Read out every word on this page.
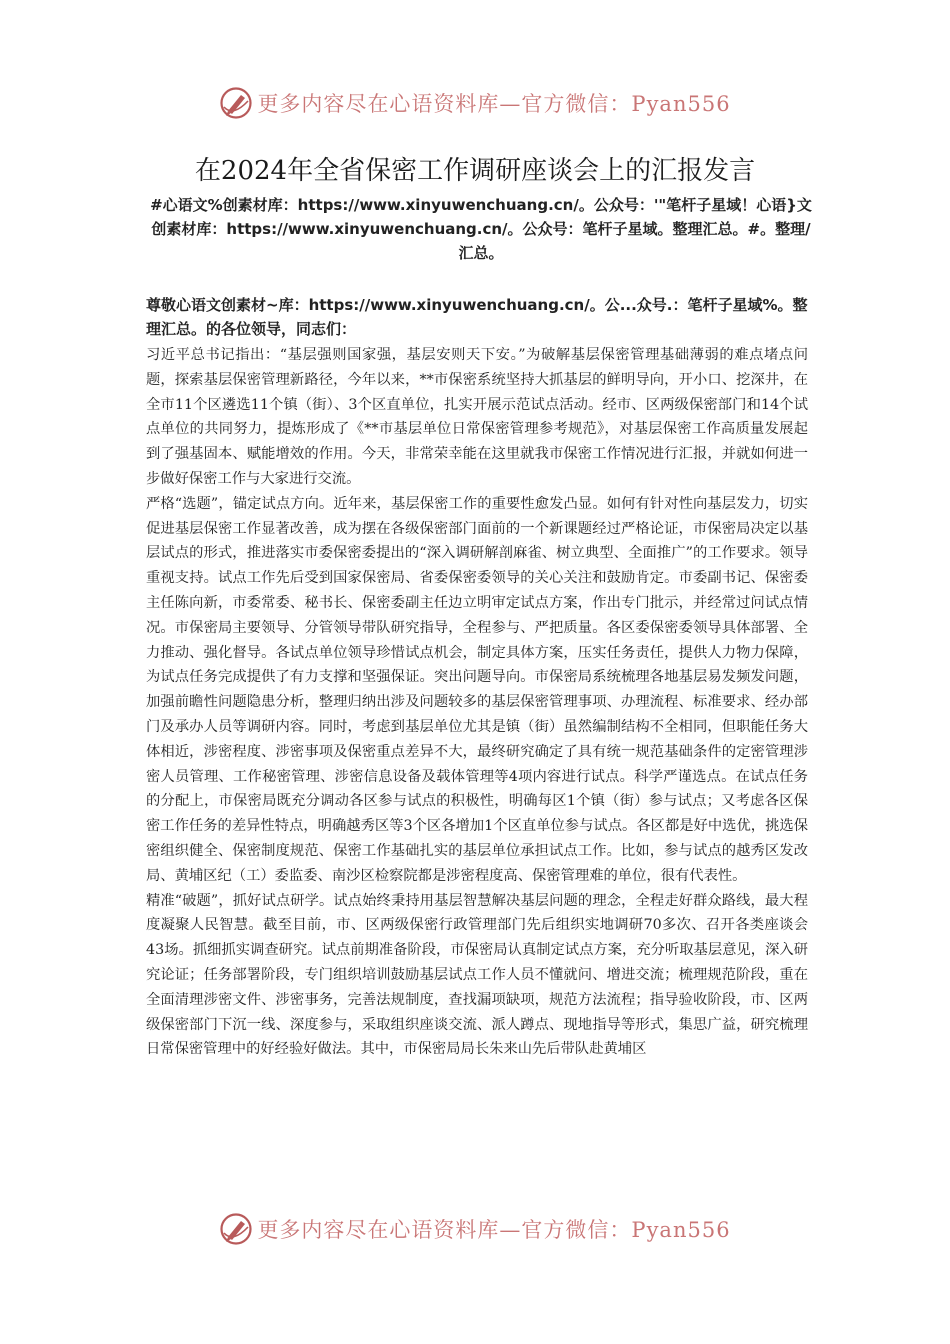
更多内容尽在心语资料库—官方微信：Pyan556
在2024年全省保密工作调研座谈会上的汇报发言

#心语文%创素材库：https://www.xinyuwenchuang.cn/。公众号：'"笔杆子星域！心语}文创素材库：https://www.xinyuwenchuang.cn/。公众号：笔杆子星域。整理汇总。#。整理/汇总。

尊敬心语文创素材~库：https://www.xinyuwenchuang.cn/。公...众号.：笔杆子星域%。整理汇总。的各位领导，同志们：

习近平总书记指出：“基层强则国家强，基层安则天下安。”为破解基层保密管理基础薄弱的难点堵点问题，探索基层保密管理新路径，今年以来，**市保密系统坚持大抓基层的鲜明导向，开小口、挖深井，在全市11个区遴选11个镇（街）、3个区直单位，扎实开展示范试点活动。经市、区两级保密部门和14个试点单位的共同努力，提炼形成了《**市基层单位日常保密管理参考规范》，对基层保密工作高质量发展起到了强基固本、赋能增效的作用。今天，非常荣幸能在这里就我市保密工作情况进行汇报，并就如何进一步做好保密工作与大家进行交流。

严格“选题”，锚定试点方向。近年来，基层保密工作的重要性愈发凸显。如何有针对性向基层发力，切实促进基层保密工作显著改善，成为摆在各级保密部门面前的一个新课题经过严格论证，市保密局决定以基层试点的形式，推进落实市委保密委提出的“深入调研解剖麻雀、树立典型、全面推广”的工作要求。领导重视支持。试点工作先后受到国家保密局、省委保密委领导的关心关注和鼓励肯定。市委副书记、保密委主任陈向新，市委常委、秘书长、保密委副主任边立明审定试点方案，作出专门批示，并经常过问试点情况。市保密局主要领导、分管领导带队研究指导，全程参与、严把质量。各区委保密委领导具体部署、全力推动、强化督导。各试点单位领导珍惜试点机会，制定具体方案，压实任务责任，提供人力物力保障，为试点任务完成提供了有力支撑和坚强保证。突出问题导向。市保密局系统梳理各地基层易发频发问题，加强前瞻性问题隐患分析，整理归纳出涉及问题较多的基层保密管理事项、办理流程、标准要求、经办部门及承办人员等调研内容。同时，考虑到基层单位尤其是镇（街）虽然编制结构不全相同，但职能任务大体相近，涉密程度、涉密事项及保密重点差异不大，最终研究确定了具有统一规范基础条件的定密管理涉密人员管理、工作秘密管理、涉密信息设备及载体管理等4项内容进行试点。科学严谨选点。在试点任务的分配上，市保密局既充分调动各区参与试点的积极性，明确每区1个镇（街）参与试点；又考虑各区保密工作任务的差异性特点，明确越秀区等3个区各增加1个区直单位参与试点。各区都是好中选优，挑选保密组织健全、保密制度规范、保密工作基础扎实的基层单位承担试点工作。比如，参与试点的越秀区发改局、黄埔区纪（工）委监委、南沙区检察院都是涉密程度高、保密管理难的单位，很有代表性。

精准“破题”，抓好试点研学。试点始终秉持用基层智慧解决基层问题的理念，全程走好群众路线，最大程度凝聚人民智慧。截至目前，市、区两级保密行政管理部门先后组织实地调研70多次、召开各类座谈会43场。抓细抓实调查研究。试点前期准备阶段，市保密局认真制定试点方案，充分听取基层意见，深入研究论证；任务部署阶段，专门组织培训鼓励基层试点工作人员不懂就问、增进交流；梳理规范阶段，重在全面清理涉密文件、涉密事务，完善法规制度，查找漏项缺项，规范方法流程；指导验收阶段，市、区两级保密部门下沉一线、深度参与，采取组织座谈交流、派人蹲点、现地指导等形式，集思广益，研究梳理日常保密管理中的好经验好做法。其中，市保密局局长朱来山先后带队赴黄埔区

更多内容尽在心语资料库—官方微信：Pyan556
